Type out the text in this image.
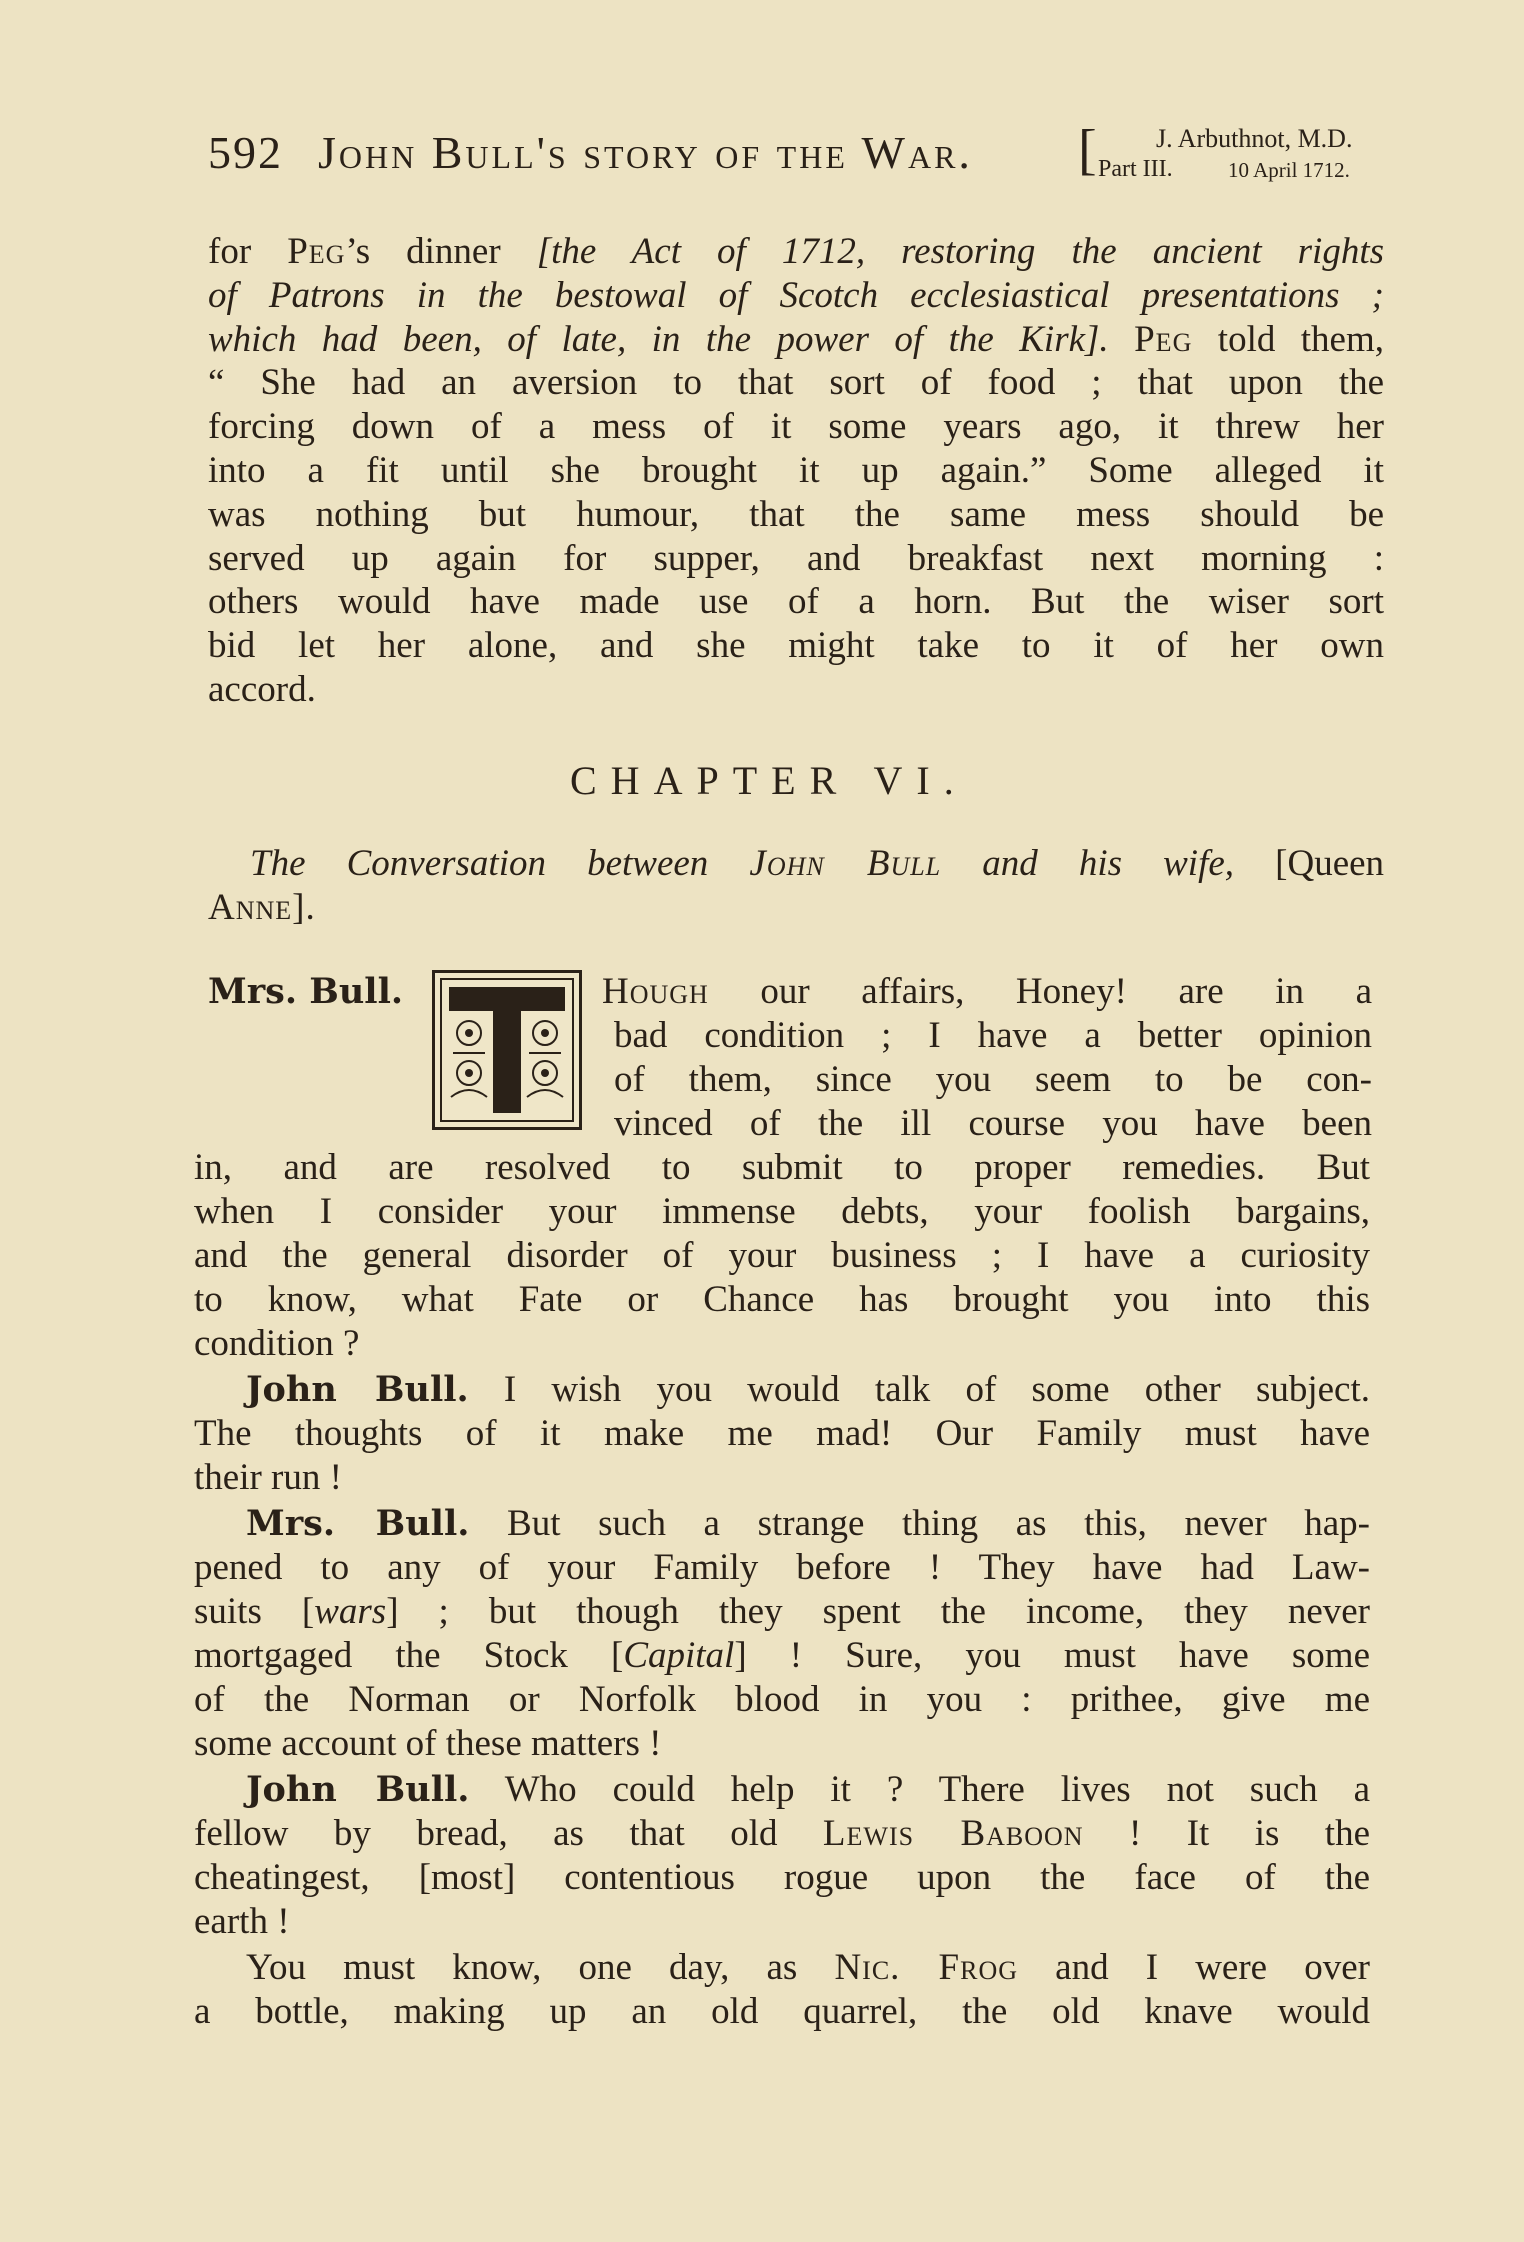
592 John Bull's story of the War. [ J. Arbuthnot, M.D.
Part III.	10 April 1712.
for Peg’s dinner [the Act of 1712, restoring the ancient rights
of Patrons in the bestowal of Scotch ecclesiastical presentations ;
which had been, of late, in the power of the Kirk]. Peg told them,
“ She had an aversion to that sort of food ; that upon the
forcing down of a mess of it some years ago, it threw her
into a fit until she brought it up again.” Some alleged it
was nothing but humour, that the same mess should be
served up again for supper, and breakfast next morning :
others would have made use of a horn. But the wiser sort
bid let her alone, and she might take to it of her own
accord.
CHAPTER VI.
The Conversation between John Bull and his wife, [Queen
Anne].
Mrs. Bull.	Hough our affairs, Honey! are in a
bad condition ; I have a better opinion
of them, since you seem to be con-
vinced of the ill course you have been
in, and are resolved to submit to proper remedies. But
when I consider your immense debts, your foolish bargains,
and the general disorder of your business ; I have a curiosity
to know, what Fate or Chance has brought you into this
condition ?
John Bull. I wish you would talk of some other subject.
The thoughts of it make me mad! Our Family must have
their run !
Mrs. Bull. But such a strange thing as this, never hap-
pened to any of your Family before ! They have had Law-
suits [wars] ; but though they spent the income, they never
mortgaged the Stock [Capital] ! Sure, you must have some
of the Norman or Norfolk blood in you : prithee, give me
some account of these matters !
John Bull. Who could help it ? There lives not such a
fellow by bread, as that old Lewis Baboon ! It is the
cheatingest, [most] contentious rogue upon the face of the
earth !
You must know, one day, as Nic. Frog and I were over
a bottle, making up an old quarrel, the old knave would
